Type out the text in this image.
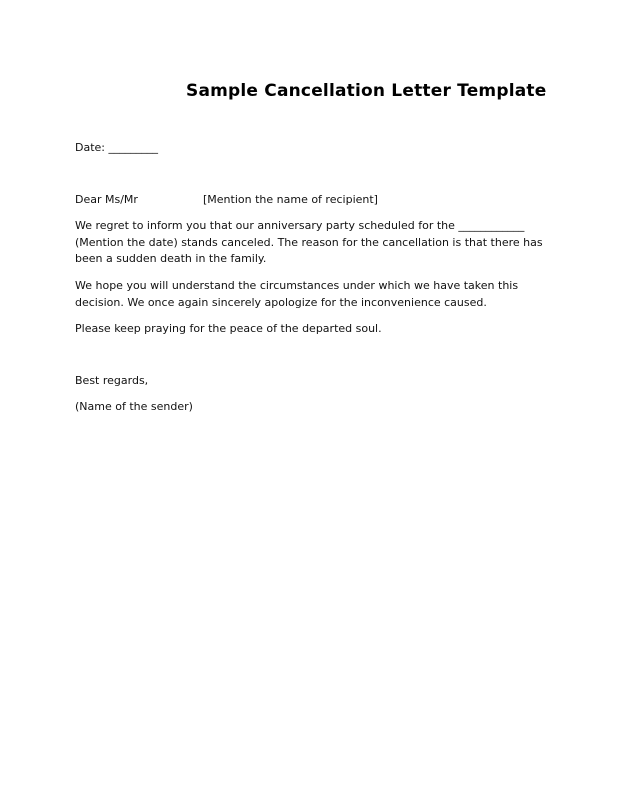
Sample Cancellation Letter Template
Date: _________
Dear Ms/Mr	[Mention the name of recipient]
We regret to inform you that our anniversary party scheduled for the ____________ (Mention the date) stands canceled. The reason for the cancellation is that there has been a sudden death in the family.
We hope you will understand the circumstances under which we have taken this decision. We once again sincerely apologize for the inconvenience caused.
Please keep praying for the peace of the departed soul.
Best regards,
(Name of the sender)
